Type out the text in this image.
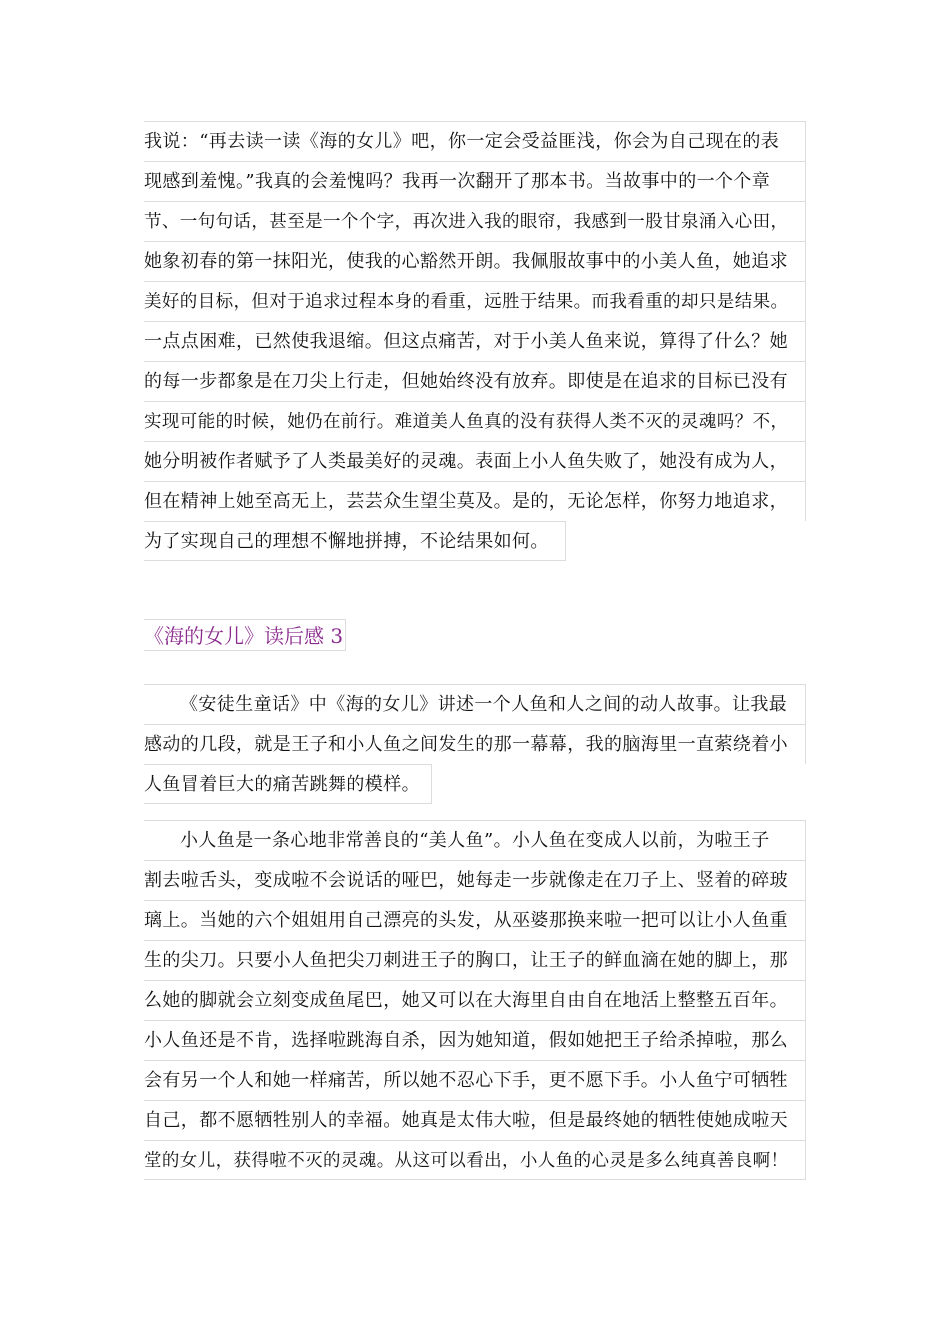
我说：“再去读一读《海的女儿》吧，你一定会受益匪浅，你会为自己现在的表
现感到羞愧。”我真的会羞愧吗？我再一次翻开了那本书。当故事中的一个个章
节、一句句话，甚至是一个个字，再次进入我的眼帘，我感到一股甘泉涌入心田，
她象初春的第一抹阳光，使我的心豁然开朗。我佩服故事中的小美人鱼，她追求
美好的目标，但对于追求过程本身的看重，远胜于结果。而我看重的却只是结果。
一点点困难，已然使我退缩。但这点痛苦，对于小美人鱼来说，算得了什么？她
的每一步都象是在刀尖上行走，但她始终没有放弃。即使是在追求的目标已没有
实现可能的时候，她仍在前行。难道美人鱼真的没有获得人类不灭的灵魂吗？不，
她分明被作者赋予了人类最美好的灵魂。表面上小人鱼失败了，她没有成为人，
但在精神上她至高无上，芸芸众生望尘莫及。是的，无论怎样，你努力地追求，
为了实现自己的理想不懈地拼搏，不论结果如何。
《海的女儿》读后感 3
《安徒生童话》中《海的女儿》讲述一个人鱼和人之间的动人故事。让我最
感动的几段，就是王子和小人鱼之间发生的那一幕幕，我的脑海里一直萦绕着小
人鱼冒着巨大的痛苦跳舞的模样。
小人鱼是一条心地非常善良的“美人鱼”。小人鱼在变成人以前，为啦王子
割去啦舌头，变成啦不会说话的哑巴，她每走一步就像走在刀子上、竖着的碎玻
璃上。当她的六个姐姐用自己漂亮的头发，从巫婆那换来啦一把可以让小人鱼重
生的尖刀。只要小人鱼把尖刀刺进王子的胸口，让王子的鲜血滴在她的脚上，那
么她的脚就会立刻变成鱼尾巴，她又可以在大海里自由自在地活上整整五百年。
小人鱼还是不肯，选择啦跳海自杀，因为她知道，假如她把王子给杀掉啦，那么
会有另一个人和她一样痛苦，所以她不忍心下手，更不愿下手。小人鱼宁可牺牲
自己，都不愿牺牲别人的幸福。她真是太伟大啦，但是最终她的牺牲使她成啦天
堂的女儿，获得啦不灭的灵魂。从这可以看出，小人鱼的心灵是多么纯真善良啊！
